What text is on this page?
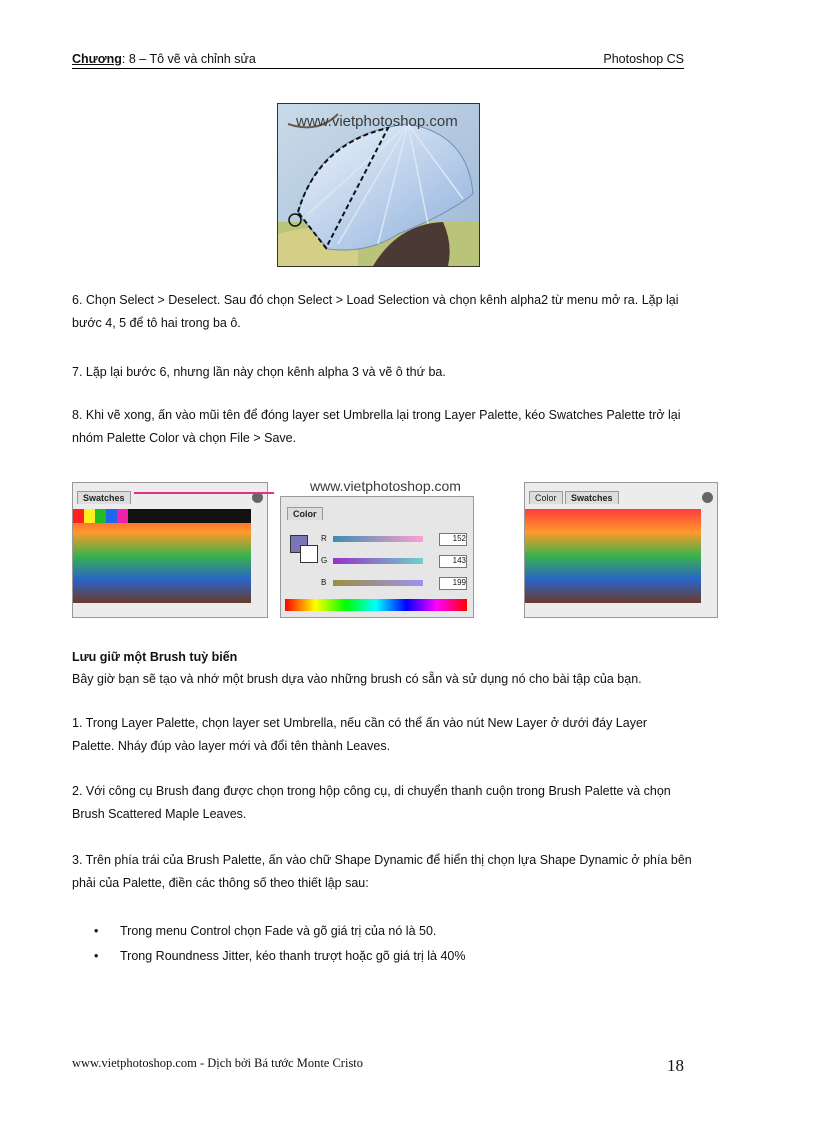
Chương: 8 – Tô vẽ và chỉnh sửa	Photoshop CS
www.vietphotoshop.com
6. Chọn Select > Deselect. Sau đó chọn Select > Load Selection và chọn kênh alpha2 từ menu mở ra. Lặp lại bước 4, 5 để tô hai trong ba ô.
7. Lặp lại bước 6, nhưng lần này chọn kênh alpha 3 và vẽ ô thứ ba.
8. Khi vẽ xong, ấn vào mũi tên để đóng layer set Umbrella lại trong Layer Palette, kéo Swatches Palette trở lại nhóm Palette Color và chọn File > Save.
Swatches
Color
R	152
G	143
B	199
www.vietphotoshop.com
Color	Swatches
Lưu giữ một Brush tuỳ biến
Bây giờ bạn sẽ tạo và nhớ một brush dựa vào những brush có sẵn và sử dụng nó cho bài tập của bạn.
1. Trong Layer Palette, chọn layer set Umbrella, nếu cần có thể ấn vào nút New Layer ở dưới đáy Layer Palette. Nháy đúp vào layer mới và đổi tên thành Leaves.
2. Với công cụ Brush đang được chọn trong hộp công cụ, di chuyển thanh cuộn trong Brush Palette và chọn Brush Scattered Maple Leaves.
3. Trên phía trái của Brush Palette, ấn vào chữ Shape Dynamic để hiển thị chọn lựa Shape Dynamic ở phía bên phải của Palette, điền các thông số theo thiết lập sau:
• Trong menu Control chọn Fade và gõ giá trị của nó là 50.
• Trong Roundness Jitter, kéo thanh trượt hoặc gõ giá trị là 40%
www.vietphotoshop.com - Dịch bởi Bá tước Monte Cristo	18
